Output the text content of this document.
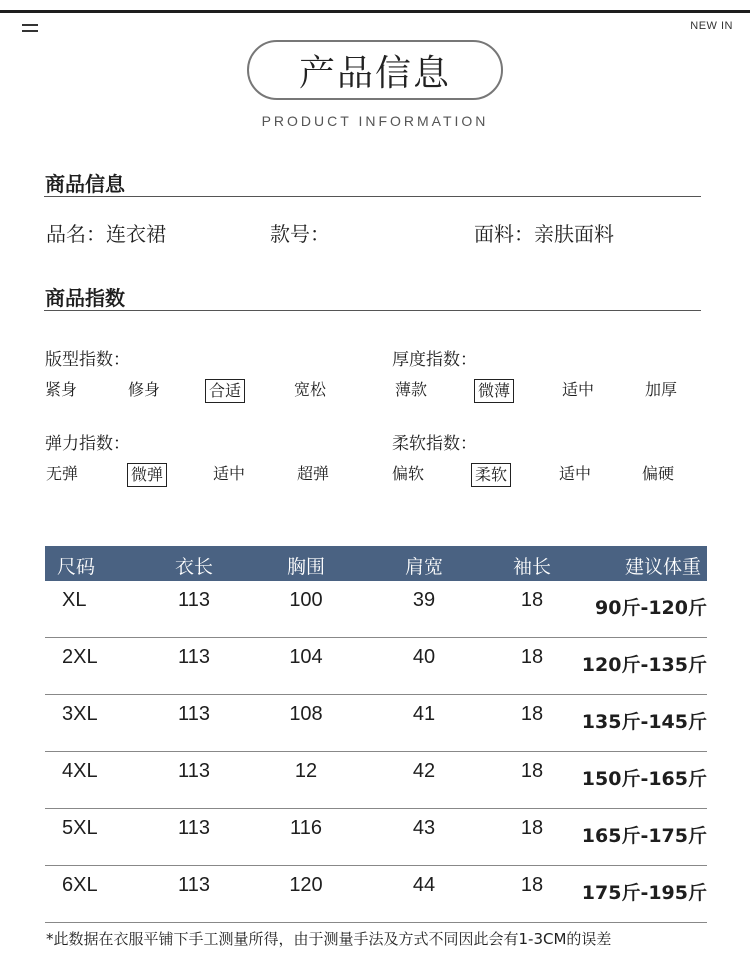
NEW IN
产品信息
PRODUCT INFORMATION
商品信息
品名：连衣裙	款号：	面料：亲肤面料
商品指数
版型指数：
紧身	修身	合适	宽松
厚度指数：
薄款	微薄	适中	加厚
弹力指数：
无弹	微弹	适中	超弹
柔软指数：
偏软	柔软	适中	偏硬
尺码	衣长	胸围	肩宽	袖长	建议体重
XL	113	100	39	18	90斤-120斤
2XL	113	104	40	18 120斤-135斤
3XL	113	108	41	18 135斤-145斤
4XL	113	12	42	18 150斤-165斤
5XL	113	116	43	18 165斤-175斤
6XL	113	120	44	18 175斤-195斤
*此数据在衣服平铺下手工测量所得，由于测量手法及方式不同因此会有1-3CM的误差
